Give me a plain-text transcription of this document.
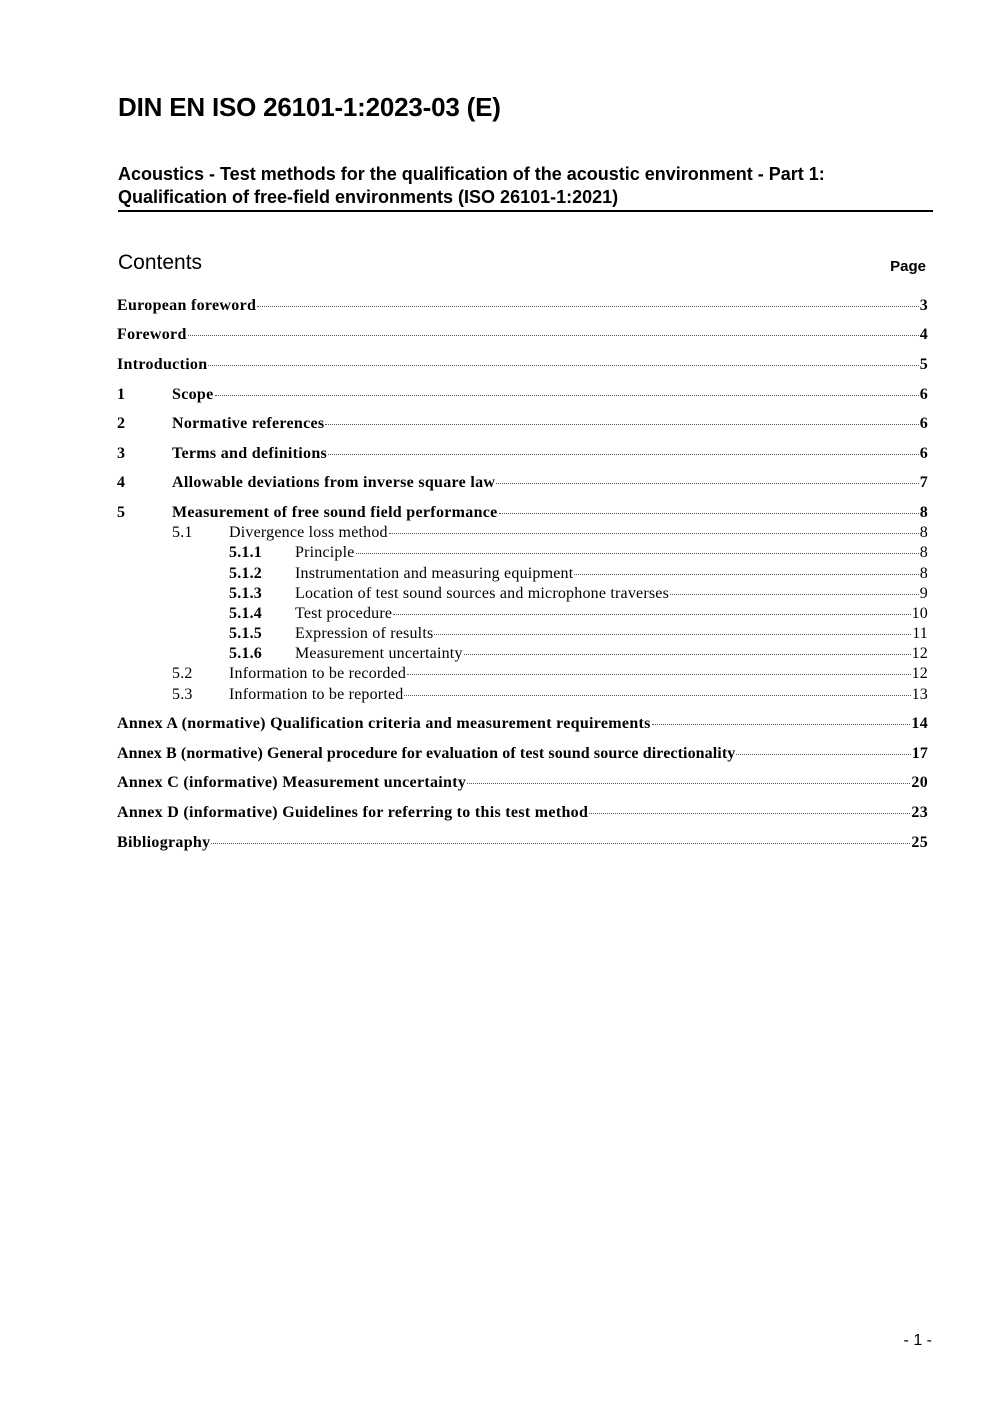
DIN EN ISO 26101-1:2023-03 (E)
Acoustics - Test methods for the qualification of the acoustic environment - Part 1:
Qualification of free-field environments (ISO 26101-1:2021)
Contents	Page
European foreword	3
Foreword	4
Introduction	5
1	Scope	6
2	Normative references	6
3	Terms and definitions	6
4	Allowable deviations from inverse square law	7
5	Measurement of free sound field performance	8
5.1	Divergence loss method	8
5.1.1	Principle	8
5.1.2	Instrumentation and measuring equipment	8
5.1.3	Location of test sound sources and microphone traverses	9
5.1.4	Test procedure	10
5.1.5	Expression of results	11
5.1.6	Measurement uncertainty	12
5.2	Information to be recorded	12
5.3	Information to be reported	13
Annex A (normative) Qualification criteria and measurement requirements	14
Annex B (normative) General procedure for evaluation of test sound source directionality	17
Annex C (informative) Measurement uncertainty	20
Annex D (informative) Guidelines for referring to this test method	23
Bibliography	25
- 1 -
